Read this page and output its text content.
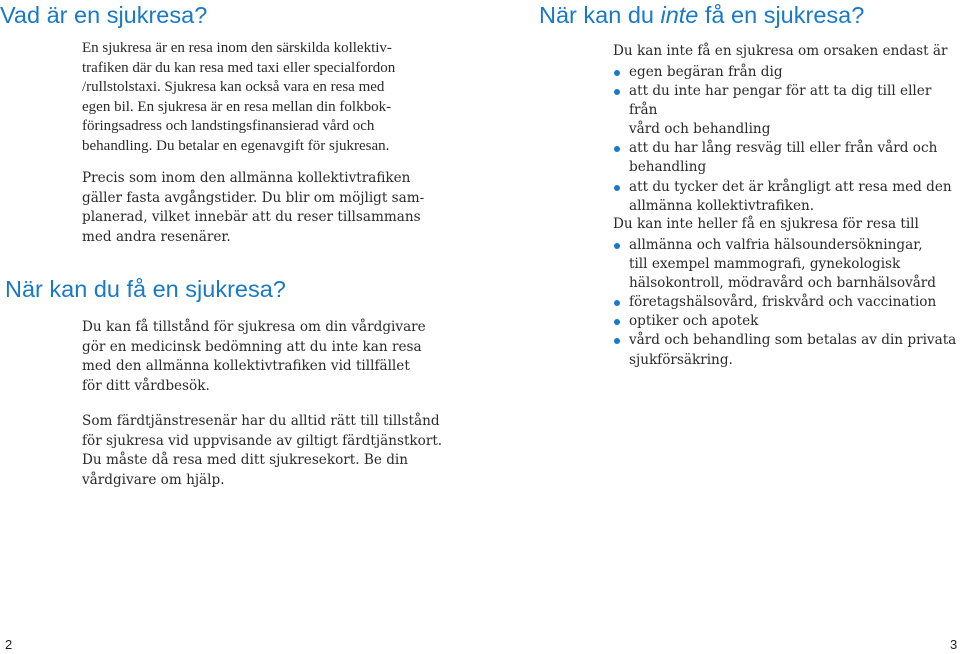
Vad är en sjukresa?
En sjukresa är en resa inom den särskilda kollektiv-
trafiken där du kan resa med taxi eller specialfordon
/rullstolstaxi. Sjukresa kan också vara en resa med
egen bil. En sjukresa är en resa mellan din folkbok-
föringsadress och landstingsfinansierad vård och
behandling. Du betalar en egenavgift för sjukresan.
Precis som inom den allmänna kollektivtrafiken
gäller fasta avgångstider. Du blir om möjligt sam-
planerad, vilket innebär att du reser tillsammans
med andra resenärer.
När kan du få en sjukresa?
Du kan få tillstånd för sjukresa om din vårdgivare
gör en medicinsk bedömning att du inte kan resa
med den allmänna kollektivtrafiken vid tillfället
för ditt vårdbesök.
Som färdtjänstresenär har du alltid rätt till tillstånd
för sjukresa vid uppvisande av giltigt färdtjänstkort.
Du måste då resa med ditt sjukresekort. Be din
vårdgivare om hjälp.

2

När kan du inte få en sjukresa?

Du kan inte få en sjukresa om orsaken endast är

egen begäran från dig
att du inte har pengar för att ta dig till eller från
vård och behandling
att du har lång resväg till eller från vård och
behandling
att du tycker det är krångligt att resa med den
allmänna kollektivtrafiken.

Du kan inte heller få en sjukresa för resa till

allmänna och valfria hälsoundersökningar,
till exempel mammografi, gynekologisk
hälsokontroll, mödravård och barnhälsovård
företagshälsovård, friskvård och vaccination
optiker och apotek
vård och behandling som betalas av din privata
sjukförsäkring.

3
